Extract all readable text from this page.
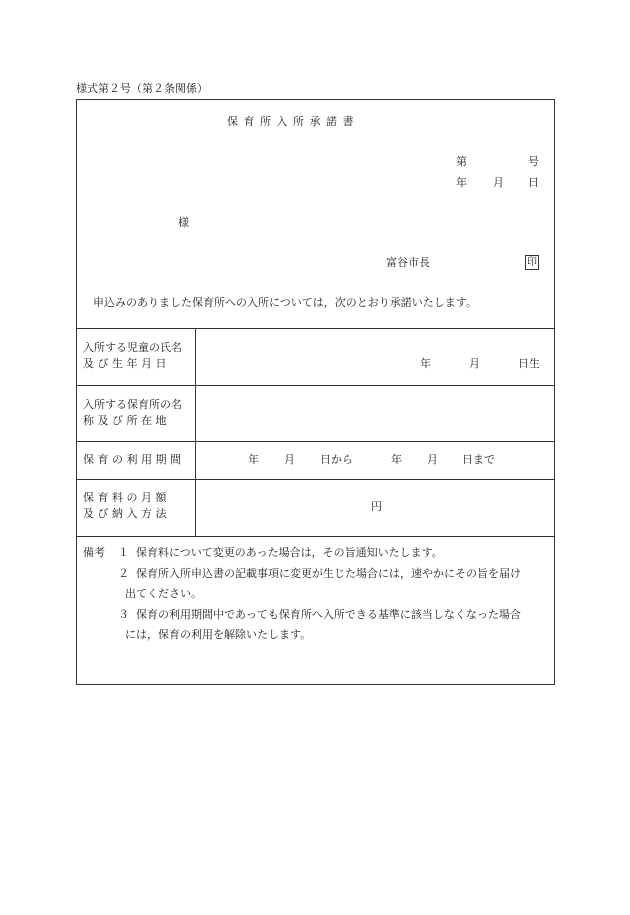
様式第２号（第２条関係）
保 育 所 入 所 承 諾 書
第	号
年 月 日
様
富谷市長	印
申込みのありました保育所への入所については，次のとおり承諾いたします。
入所する児童の氏名
及 び 生 年 月 日	年	月	日生
入所する保育所の名
称 及 び 所 在 地
保 育 の 利 用 期 間	年 月 日から	年 月 日まで
保 育 料 の 月 額
及 び 納 入 方 法
円
備考 １ 保育料について変更のあった場合は，その旨通知いたします。
２ 保育所入所申込書の記載事項に変更が生じた場合には，速やかにその旨を届け
出てください。
３ 保育の利用期間中であっても保育所へ入所できる基準に該当しなくなった場合
には，保育の利用を解除いたします。
